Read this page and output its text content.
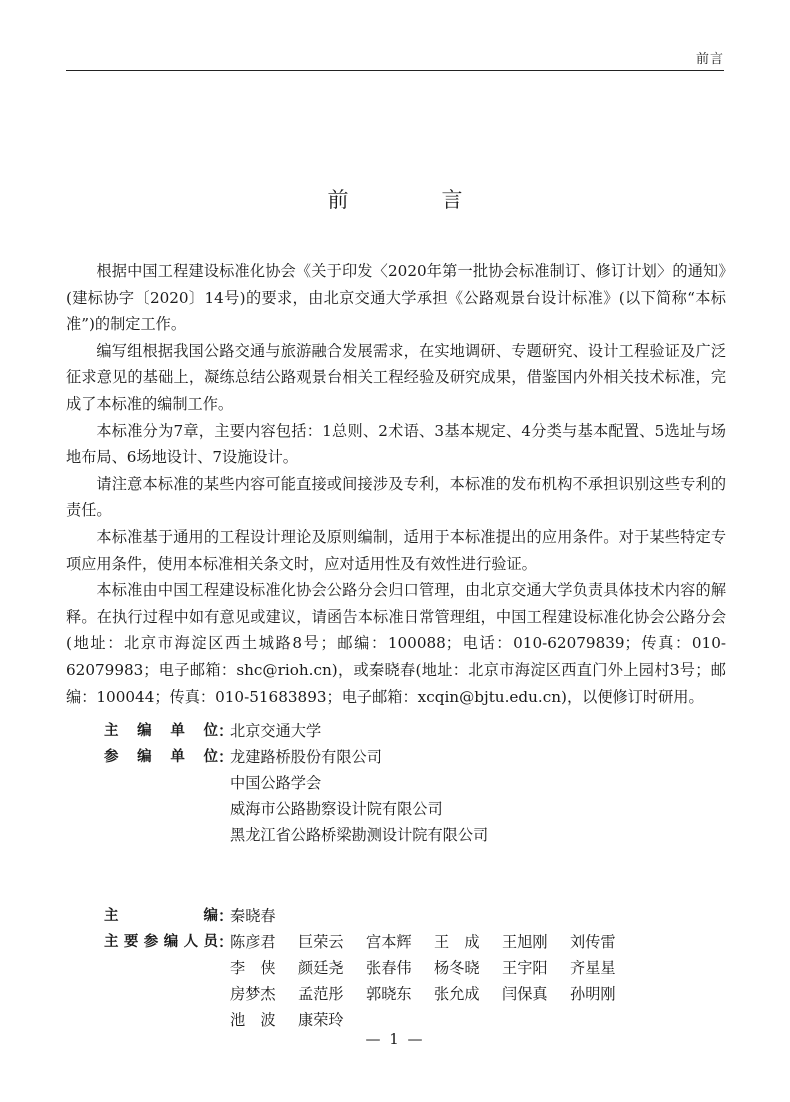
前言
前　言

根据中国工程建设标准化协会《关于印发〈2020年第一批协会标准制订、修订计划〉的通知》(建标协字〔2020〕14号)的要求，由北京交通大学承担《公路观景台设计标准》(以下简称“本标准”)的制定工作。

编写组根据我国公路交通与旅游融合发展需求，在实地调研、专题研究、设计工程验证及广泛征求意见的基础上，凝练总结公路观景台相关工程经验及研究成果，借鉴国内外相关技术标准，完成了本标准的编制工作。

本标准分为7章，主要内容包括：1总则、2术语、3基本规定、4分类与基本配置、5选址与场地布局、6场地设计、7设施设计。

请注意本标准的某些内容可能直接或间接涉及专利，本标准的发布机构不承担识别这些专利的责任。

本标准基于通用的工程设计理论及原则编制，适用于本标准提出的应用条件。对于某些特定专项应用条件，使用本标准相关条文时，应对适用性及有效性进行验证。

本标准由中国工程建设标准化协会公路分会归口管理，由北京交通大学负责具体技术内容的解释。在执行过程中如有意见或建议，请函告本标准日常管理组，中国工程建设标准化协会公路分会(地址：北京市海淀区西土城路8号；邮编：100088；电话：010-62079839；传真：010-62079983；电子邮箱：shc@rioh.cn)，或秦晓春(地址：北京市海淀区西直门外上园村3号；邮编：100044；传真：010-51683893；电子邮箱：xcqin@bjtu.edu.cn)，以便修订时研用。

主编单位 ：
北京交通大学
参编单位 ：
龙建路桥股份有限公司
中国公路学会
威海市公路勘察设计院有限公司
黑龙江省公路桥梁勘测设计院有限公司
主　　编 ：
秦晓春
主要参编人员 ：
陈彦君	巨荣云	宫本辉	王　成	王旭刚	刘传雷
李　侠	颜廷尧	张春伟	杨冬晓	王宇阳	齐星星
房梦杰	孟范彤	郭晓东	张允成	闫保真	孙明刚
池　波	康荣玲
— 1 —
